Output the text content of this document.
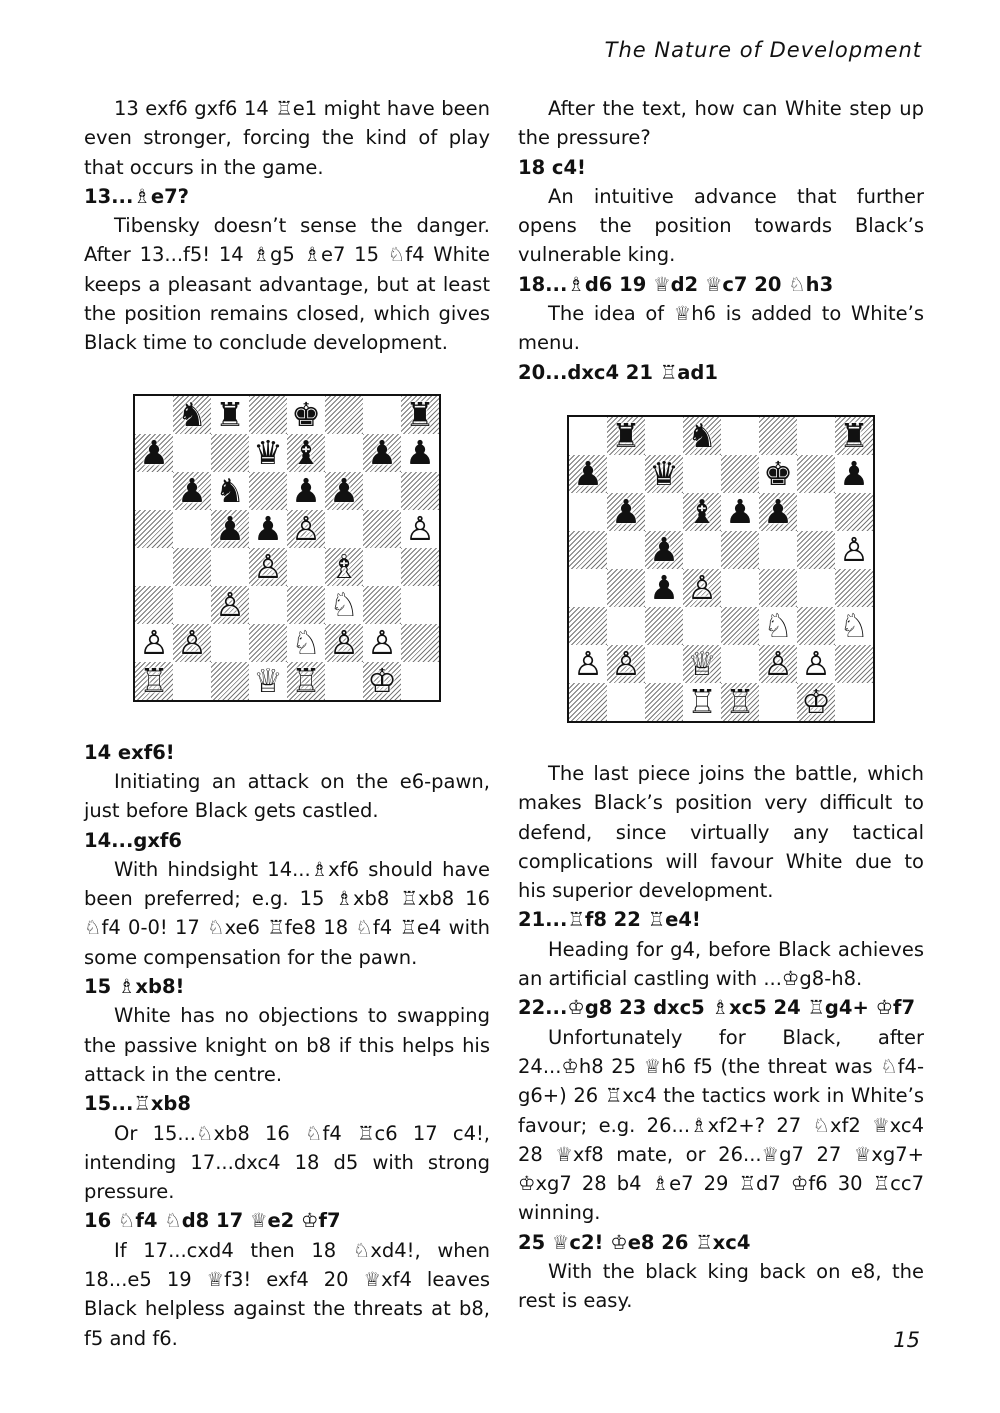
The Nature of Development

13 exf6 gxf6 14 ♖e1 might have been even stronger, forcing the kind of play that occurs in the game.

13...♗e7?

Tibensky doesn’t sense the danger. After 13...f5! 14 ♗g5 ♗e7 15 ♘f4 White keeps a pleasant advantage, but at least the position remains closed, which gives Black time to conclude development.

♞ ♜ ♚	♜
♟	♛ ♝ ♟ ♟
♟ ♞ ♟ ♟
♟ ♟ ♙	♙
♙ ♗
♙	♘
♙ ♙	♘ ♙ ♙
♖	♕ ♖ ♔

14 exf6!

Initiating an attack on the e6-pawn, just before Black gets castled.

14...gxf6

With hindsight 14...♗xf6 should have been preferred; e.g. 15 ♗xb8 ♖xb8 16 ♘f4 0-0! 17 ♘xe6 ♖fe8 18 ♘f4 ♖e4 with some compensation for the pawn.

15 ♗xb8!

White has no objections to swapping the passive knight on b8 if this helps his attack in the centre.

15...♖xb8

Or 15...♘xb8 16 ♘f4 ♖c6 17 c4!, intending 17...dxc4 18 d5 with strong pressure.

16 ♘f4 ♘d8 17 ♕e2 ♔f7

If 17...cxd4 then 18 ♘xd4!, when 18...e5 19 ♕f3! exf4 20 ♕xf4 leaves Black helpless against the threats at b8, f5 and f6.

After the text, how can White step up the pressure?

18 c4!

An intuitive advance that further opens the position towards Black’s vulnerable king.

18...♗d6 19 ♕d2 ♕c7 20 ♘h3

The idea of ♕h6 is added to White’s menu.

20...dxc4 21 ♖ad1

♜ ♞	♜
♟ ♛	♚ ♟
♟ ♝ ♟ ♟
♟	♙
♟ ♙
♘ ♘
♙ ♙ ♕ ♙ ♙
♖ ♖ ♔

The last piece joins the battle, which makes Black’s position very difficult to defend, since virtually any tactical complications will favour White due to his superior development.

21...♖f8 22 ♖e4!

Heading for g4, before Black achieves an artificial castling with ...♔g8-h8.

22...♔g8 23 dxc5 ♗xc5 24 ♖g4+ ♔f7

Unfortunately for Black, after 24...♔h8 25 ♕h6 f5 (the threat was ♘f4-g6+) 26 ♖xc4 the tactics work in White’s favour; e.g. 26...♗xf2+? 27 ♘xf2 ♕xc4 28 ♕xf8 mate, or 26...♕g7 27 ♕xg7+ ♔xg7 28 b4 ♗e7 29 ♖d7 ♔f6 30 ♖cc7 winning.

25 ♕c2! ♔e8 26 ♖xc4

With the black king back on e8, the rest is easy.

15
